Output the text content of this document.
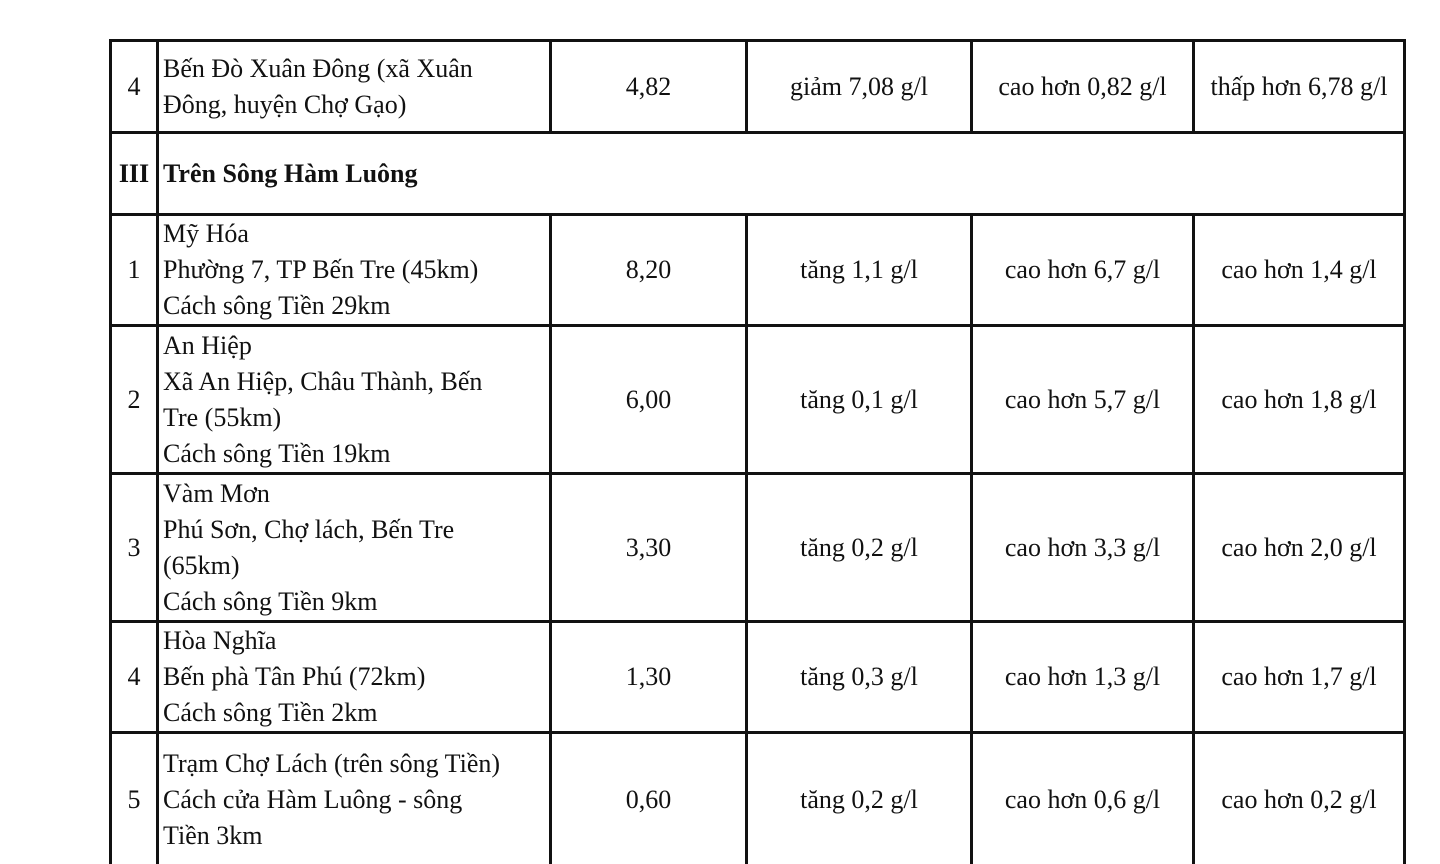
4	Bến Đò Xuân Đông (xã Xuân
Đông, huyện Chợ Gạo)	4,82	giảm 7,08 g/l	cao hơn 0,82 g/l	thấp hơn 6,78 g/l
III	Trên Sông Hàm Luông				
1	Mỹ Hóa
Phường 7, TP Bến Tre (45km)
Cách sông Tiền 29km	8,20	tăng 1,1 g/l	cao hơn 6,7 g/l	cao hơn 1,4 g/l
2	An Hiệp
Xã An Hiệp, Châu Thành, Bến
Tre (55km)
Cách sông Tiền 19km	6,00	tăng 0,1 g/l	cao hơn 5,7 g/l	cao hơn 1,8 g/l
3	Vàm Mơn
Phú Sơn, Chợ lách, Bến Tre
(65km)
Cách sông Tiền 9km	3,30	tăng 0,2 g/l	cao hơn 3,3 g/l	cao hơn 2,0 g/l
4	Hòa Nghĩa
Bến phà Tân Phú (72km)
Cách sông Tiền 2km	1,30	tăng 0,3 g/l	cao hơn 1,3 g/l	cao hơn 1,7 g/l
5	Trạm Chợ Lách (trên sông Tiền)
Cách cửa Hàm Luông - sông
Tiền 3km	0,60	tăng 0,2 g/l	cao hơn 0,6 g/l	cao hơn 0,2 g/l
